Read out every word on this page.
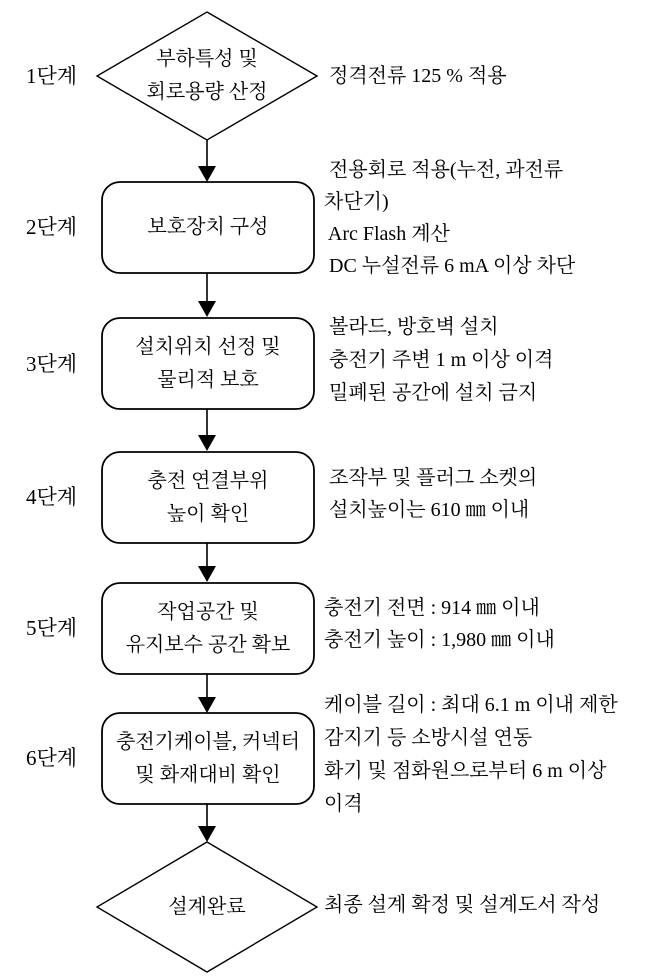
1단계
2단계
3단계
4단계
5단계
6단계
부하특성 및
회로용량 산정
보호장치 구성
설치위치 선정 및
물리적 보호
충전 연결부위
높이 확인
작업공간 및
유지보수 공간 확보
충전기케이블, 커넥터
및 화재대비 확인
설계완료
정격전류 125 % 적용
전용회로 적용(누전, 과전류
차단기)
Arc Flash 계산
DC 누설전류 6 mA 이상 차단
볼라드, 방호벽 설치
충전기 주변 1 m 이상 이격
밀폐된 공간에 설치 금지
조작부 및 플러그 소켓의
설치높이는 610 ㎜ 이내
충전기 전면 : 914 ㎜ 이내
충전기 높이 : 1,980 ㎜ 이내
케이블 길이 : 최대 6.1 m 이내 제한
감지기 등 소방시설 연동
화기 및 점화원으로부터 6 m 이상
이격
최종 설계 확정 및 설계도서 작성
